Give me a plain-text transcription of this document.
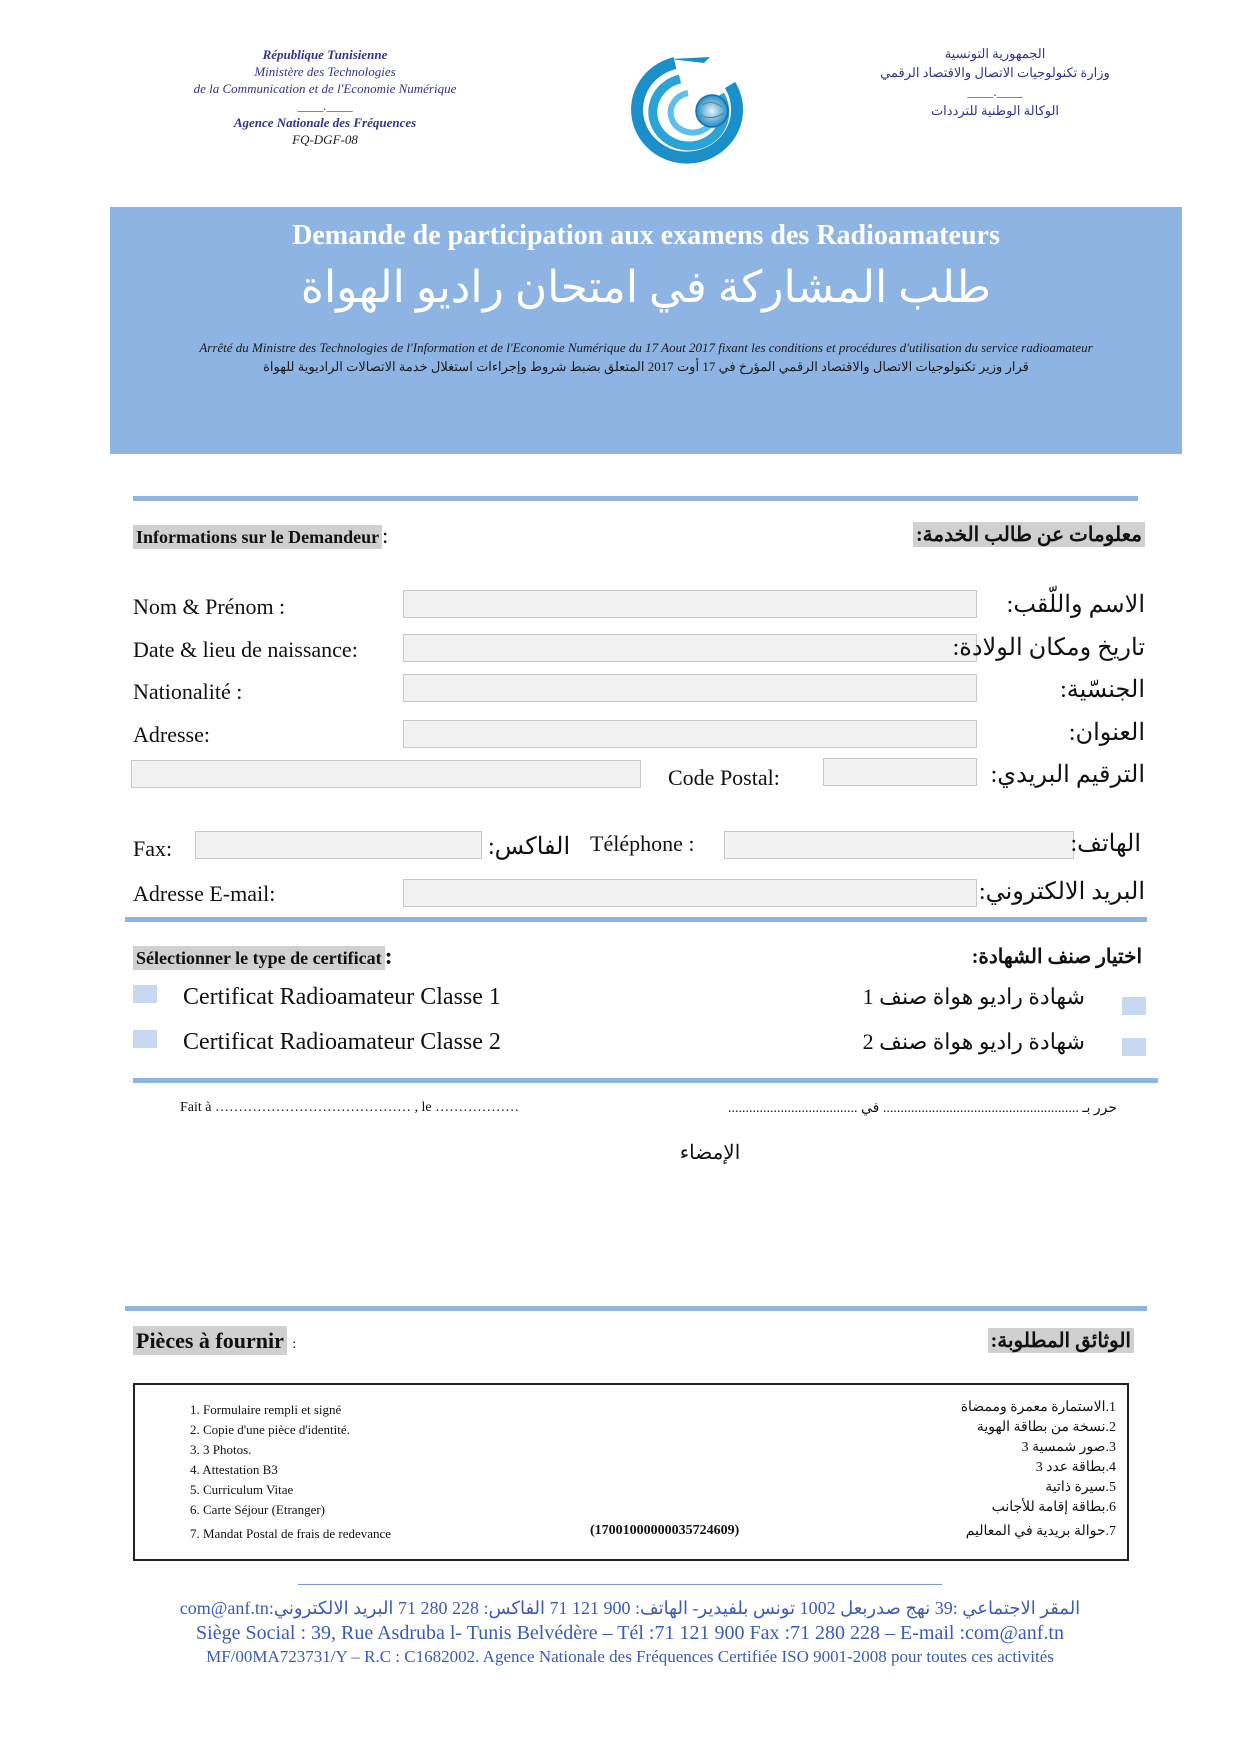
République Tunisienne
Ministère des Technologies
de la Communication et de l'Economie Numérique
____.____
Agence Nationale des Fréquences
FQ-DGF-08
الجمهورية التونسية
وزارة تكنولوجيات الاتصال والاقتصاد الرقمي
____.____
الوكالة الوطنية للترددات
Demande de participation aux examens des Radioamateurs
طلب المشاركة في امتحان راديو الهواة
Arrêté du Ministre des Technologies de l'Information et de l'Economie Numérique du 17 Aout 2017 fixant les conditions et procédures d'utilisation du service radioamateur
قرار وزير تكنولوجيات الاتصال والاقتصاد الرقمي المؤرخ في 17 أوت 2017 المتعلق بضبط شروط وإجراءات استغلال خدمة الاتصالات الراديوية للهواة
Informations sur le Demandeur :	معلومات عن طالب الخدمة:
Nom & Prénom :	الاسم واللّقب:
Date & lieu de naissance:	تاريخ ومكان الولادة:
Nationalité :	الجنسّية:
Adresse:	العنوان:
Code Postal:	الترقيم البريدي:
Fax:	الفاكس: Téléphone :	الهاتف:
Adresse E-mail:	البريد الالكتروني:
Sélectionner le type de certificat :	اختيار صنف الشهادة:
Certificat Radioamateur Classe 1	شهادة راديو هواة صنف 1
Certificat Radioamateur Classe 2	شهادة راديو هواة صنف 2
Fait à …………………………………… , le ………………	حرر بـ ........................................................ في .....................................
الإمضاء
Pièces à fournir :	الوثائق المطلوبة:
1. Formulaire rempli et signé
2. Copie d'une pièce d'identité.
3. 3 Photos.
4. Attestation B3
5. Curriculum Vitae
6. Carte Séjour (Etranger)
7. Mandat Postal de frais de redevance	(17001000000035724609)
1.الاستمارة معمرة وممضاة
2.نسخة من بطاقة الهوية
3.صور شمسية 3
4.بطاقة عدد 3
5.سيرة ذاتية
6.بطاقة إقامة للأجانب
7.حوالة بريدية في المعاليم
____________________________________________________________________________________________
المقر الاجتماعي :39 نهج صدربعل 1002 تونس بلفيدير- الهاتف: 900 121 71 الفاكس: 228 280 71 البريد الالكتروني:com@anf.tn
Siège Social : 39, Rue Asdruba l- Tunis Belvédère – Tél :71 121 900 Fax :71 280 228 – E-mail :com@anf.tn
MF/00MA723731/Y – R.C : C1682002. Agence Nationale des Fréquences Certifiée ISO 9001-2008 pour toutes ces activités
